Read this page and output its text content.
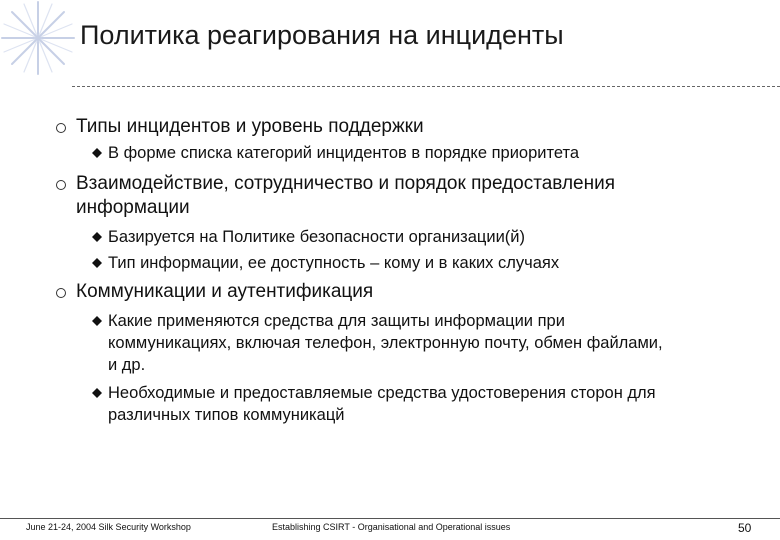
Политика реагирования на инциденты
Типы инцидентов и уровень поддержки
В форме списка категорий инцидентов в порядке приоритета
Взаимодействие, сотрудничество и порядок предоставления
информации
Базируется на Политике безопасности организации(й)
Тип информации, ее доступность – кому и в каких случаях
Коммуникации и аутентификация
Какие применяются средства для защиты информации при
коммуникациях, включая телефон, электронную почту, обмен файлами,
и др.
Необходимые и предоставляемые средства удостоверения сторон для
различных типов коммуникацй
June 21-24, 2004 Silk Security Workshop	Establishing CSIRT - Organisational and Operational issues	50
